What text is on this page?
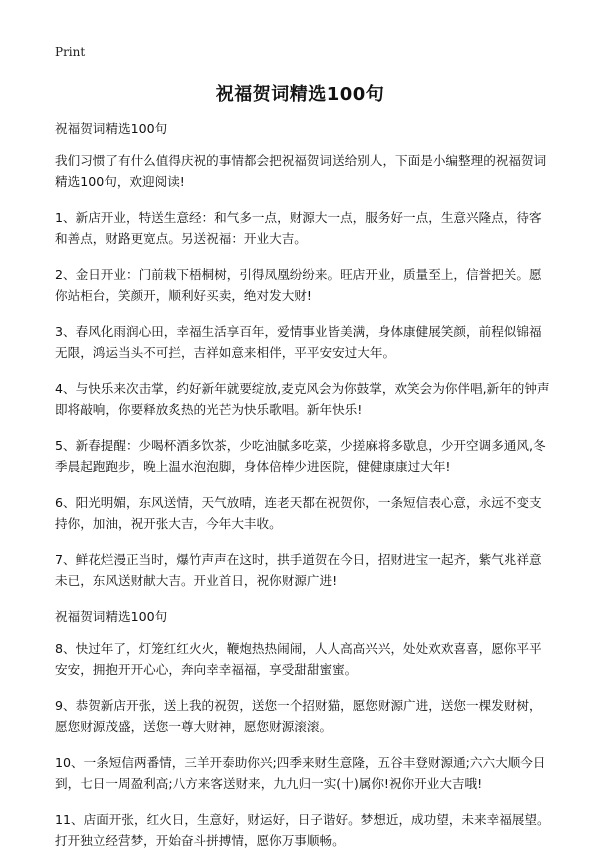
Print
祝福贺词精选100句

祝福贺词精选100句

我们习惯了有什么值得庆祝的事情都会把祝福贺词送给别人，下面是小编整理的祝福贺词精选100句，欢迎阅读!

1、新店开业，特送生意经：和气多一点，财源大一点，服务好一点，生意兴隆点，待客和善点，财路更宽点。另送祝福：开业大吉。

2、金日开业：门前栽下梧桐树，引得凤凰纷纷来。旺店开业，质量至上，信誉把关。愿你站柜台，笑颜开，顺利好买卖，绝对发大财!

3、春风化雨润心田，幸福生活享百年，爱情事业皆美满，身体康健展笑颜，前程似锦福无限，鸿运当头不可拦，吉祥如意来相伴，平平安安过大年。

4、与快乐来次击掌，约好新年就要绽放,麦克风会为你鼓掌，欢笑会为你伴唱,新年的钟声即将敲响，你要释放炙热的光芒为快乐歌唱。新年快乐!

5、新春提醒：少喝杯酒多饮茶，少吃油腻多吃菜，少搓麻将多歇息，少开空调多通风,冬季晨起跑跑步，晚上温水泡泡脚，身体倍棒少进医院，健健康康过大年!

6、阳光明媚，东风送情，天气放晴，连老天都在祝贺你，一条短信表心意，永远不变支持你，加油，祝开张大吉，今年大丰收。

7、鲜花烂漫正当时，爆竹声声在这时，拱手道贺在今日，招财进宝一起齐，紫气兆祥意未已，东风送财献大吉。开业首日，祝你财源广进!

祝福贺词精选100句

8、快过年了，灯笼红红火火，鞭炮热热闹闹，人人高高兴兴，处处欢欢喜喜，愿你平平安安，拥抱开开心心，奔向幸幸福福，享受甜甜蜜蜜。

9、恭贺新店开张，送上我的祝贺，送您一个招财猫，愿您财源广进，送您一棵发财树，愿您财源茂盛，送您一尊大财神，愿您财源滚滚。

10、一条短信两番情，三羊开泰助你兴;四季来财生意隆，五谷丰登财源通;六六大顺今日到，七日一周盈利高;八方来客送财来，九九归一实(十)属你!祝你开业大吉哦!

11、店面开张，红火日，生意好，财运好，日子谐好。梦想近，成功望，未来幸福展望。打开独立经营梦，开始奋斗拼搏情，愿你万事顺畅。
